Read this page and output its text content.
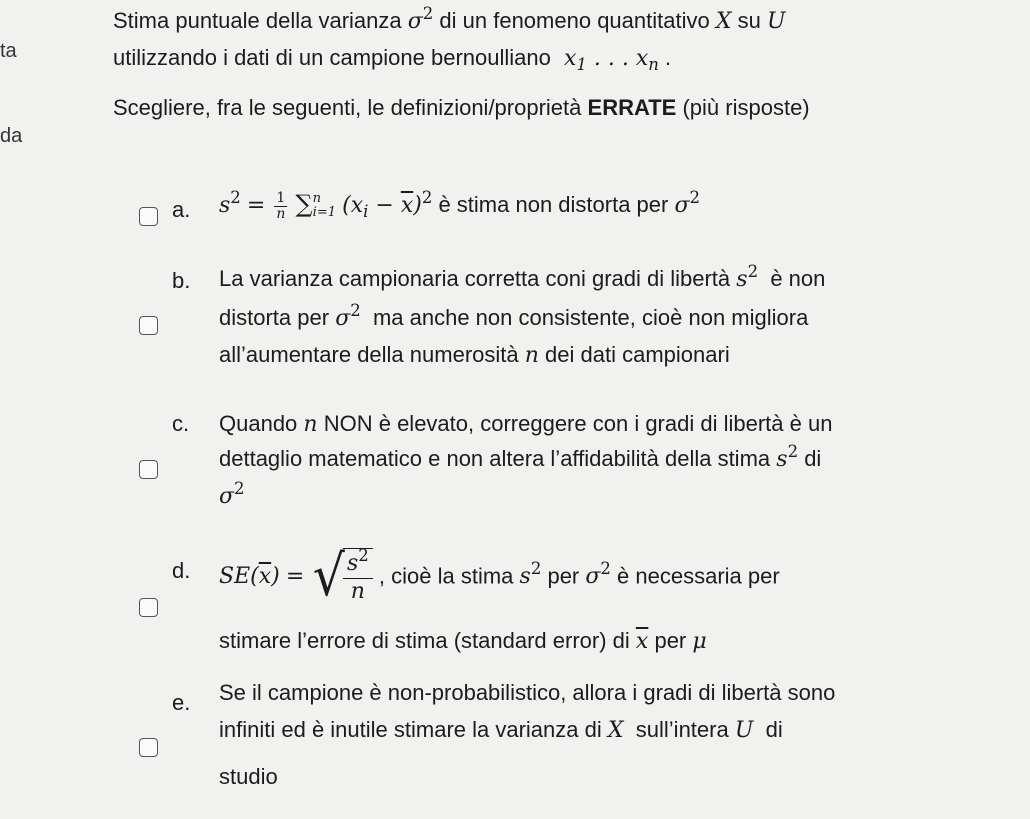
ta
da
Stima puntuale della varianza $\sigma^2$ di un fenomeno quantitativo X su U
utilizzando i dati di un campione bernoulliano  $x_1$ . . . $x_n$ .
Scegliere, fra le seguenti, le definizioni/proprietà ERRATE (più risposte)
a. $s^2 = \frac{1}{n}$ ∑ n
i=1 $(x_i - \overline{x})^2$ è stima non distorta per $\sigma^2$
b. La varianza campionaria corretta coni gradi di libertà $s^2$ è non
distorta per $\sigma^2$ ma anche non consistente, cioè non migliora
all’aumentare della numerosità n dei dati campionari
c. Quando n NON è elevato, correggere con i gradi di libertà è un
dettaglio matematico e non altera l’affidabilità della stima $s^2$ di
$\sigma^2$
d. $SE(\overline{x})$ = √
$\frac{s^2}{n}$ , cioè la stima $s^2$ per $\sigma^2$ è necessaria per
stimare l’errore di stima (standard error) di $\overline{x}$ per μ
e. Se il campione è non-probabilistico, allora i gradi di libertà sono
infiniti ed è inutile stimare la varianza di X sull’intera U di
studio
